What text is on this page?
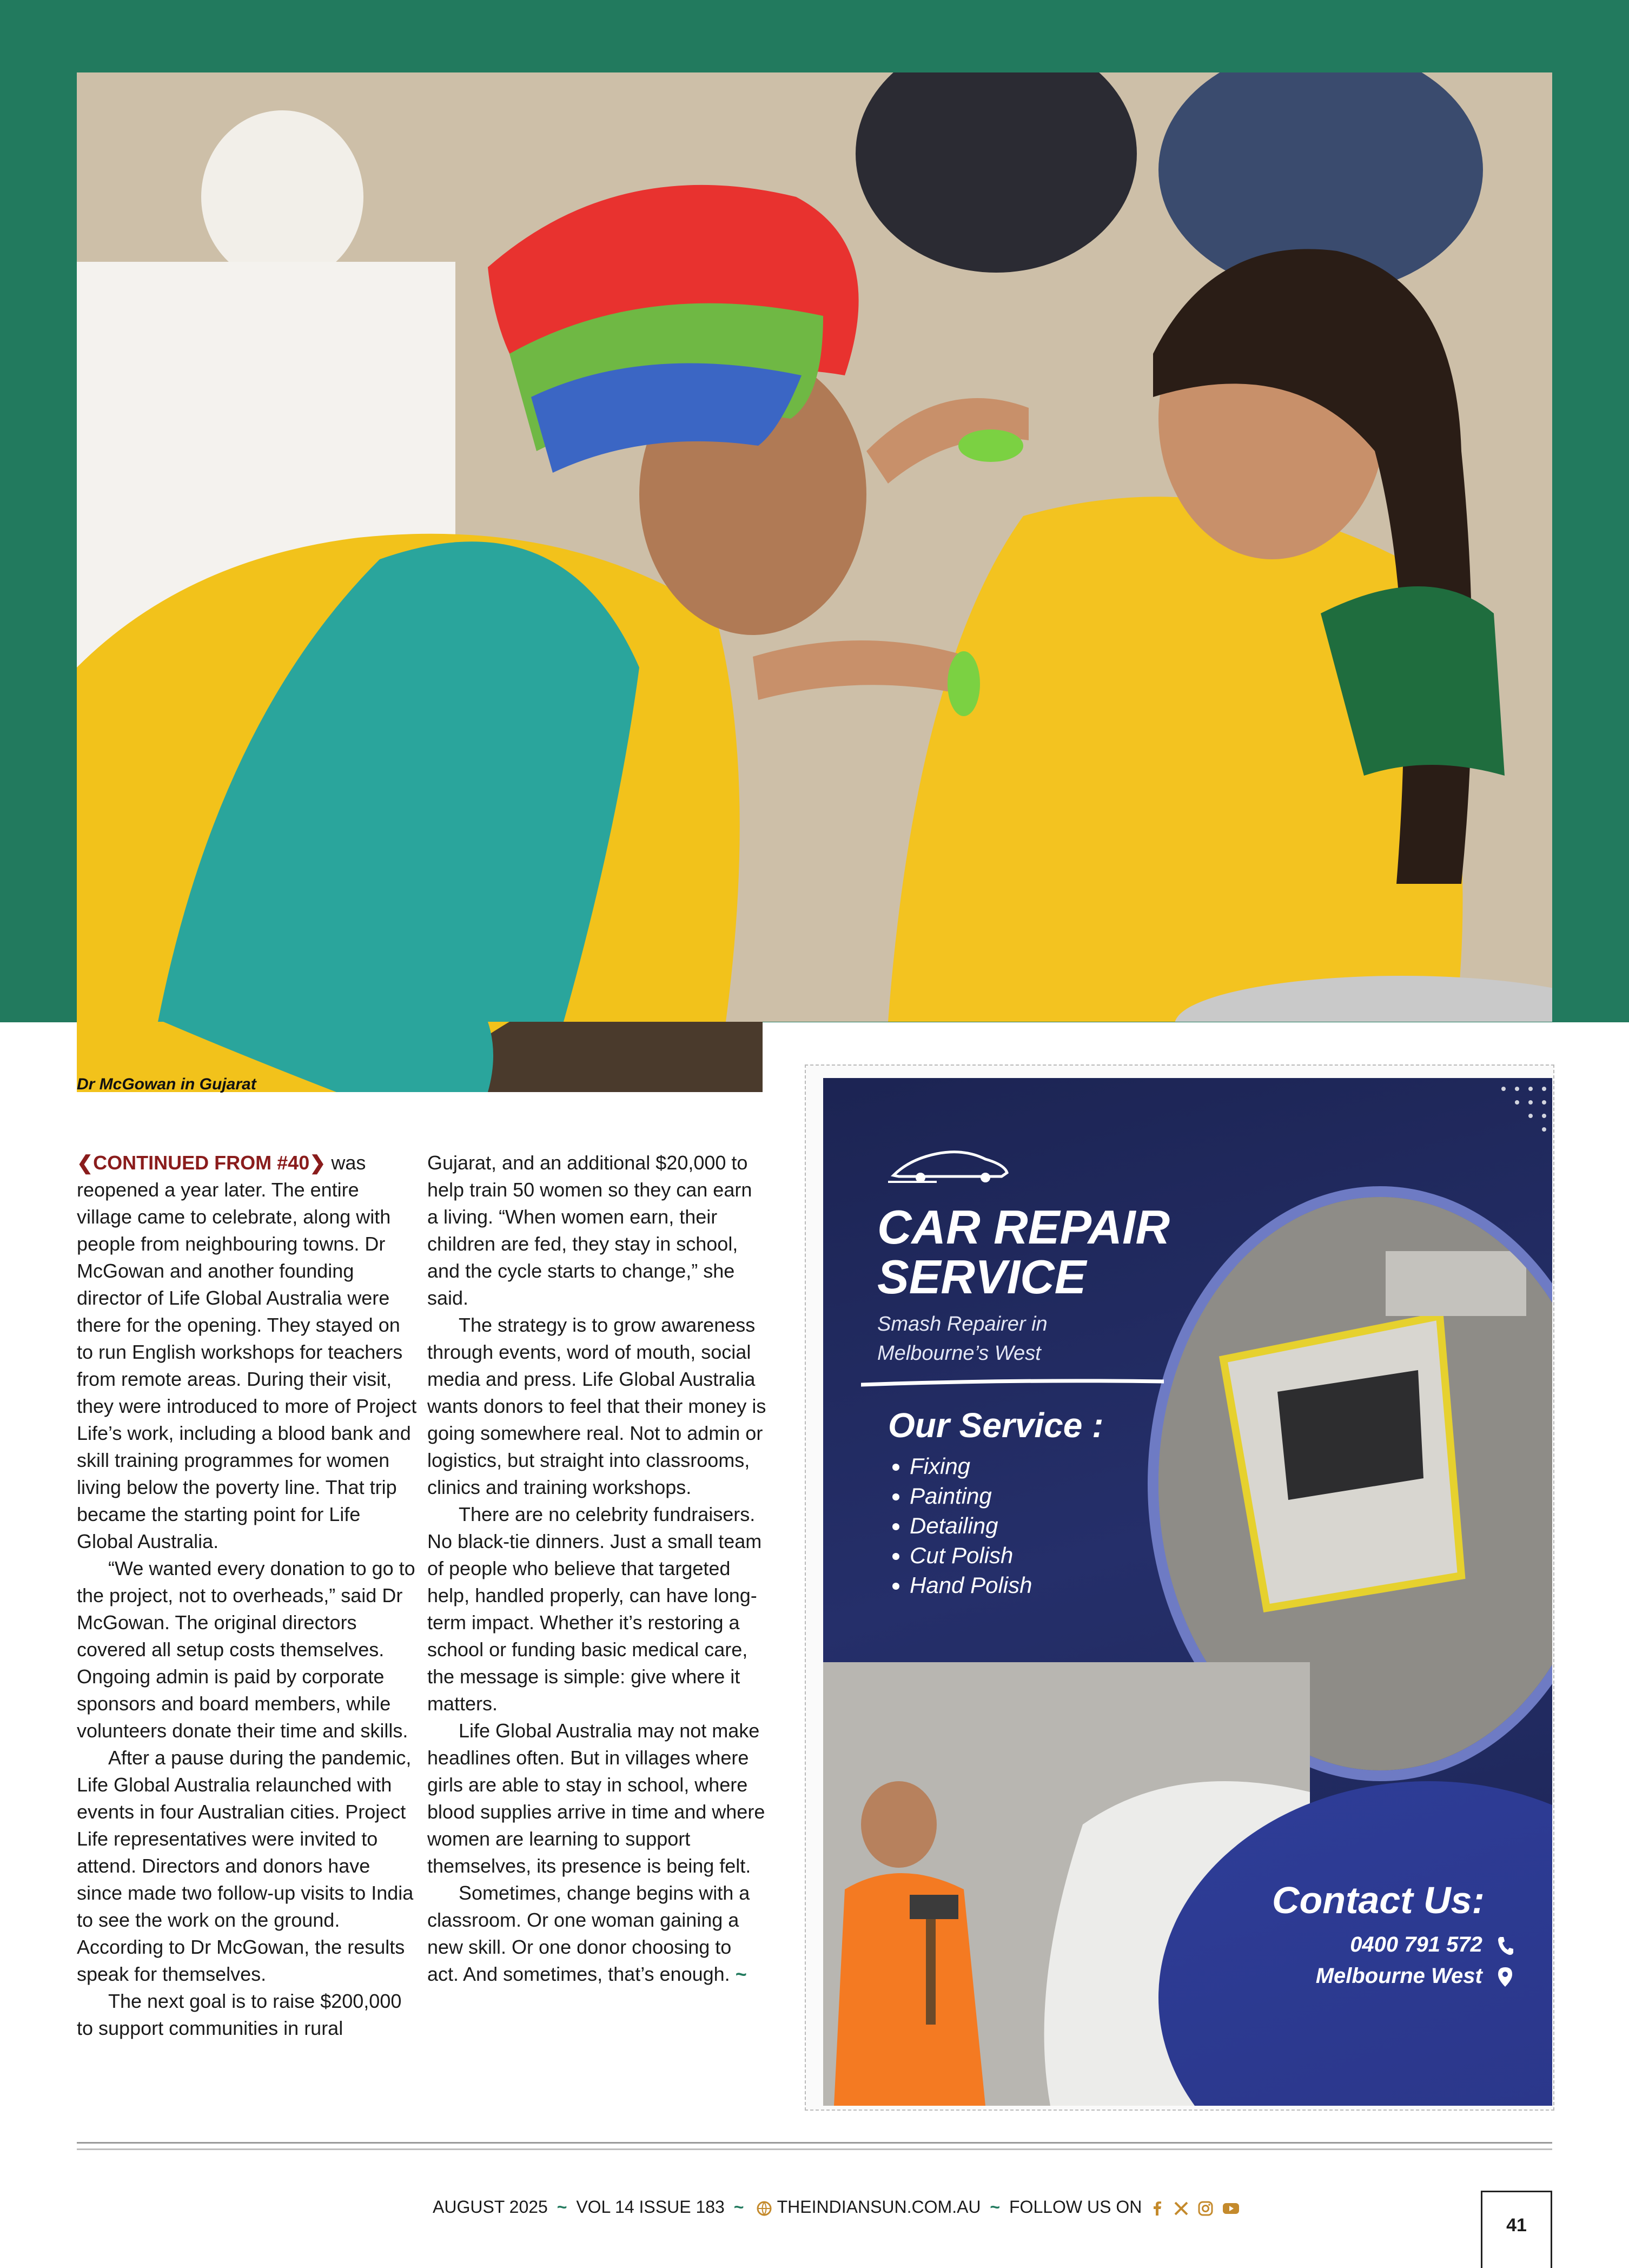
Dr McGowan in Gujarat

❮CONTINUED FROM #40❯ was reopened a year later. The entire village came to celebrate, along with people from neighbouring towns. Dr McGowan and another founding director of Life Global Australia were there for the opening. They stayed on to run English workshops for teachers from remote areas. During their visit, they were introduced to more of Project Life’s work, including a blood bank and skill training programmes for women living below the poverty line. That trip became the starting point for Life Global Australia.

“We wanted every donation to go to the project, not to overheads,” said Dr McGowan. The original directors covered all setup costs themselves. Ongoing admin is paid by corporate sponsors and board members, while volunteers donate their time and skills.

After a pause during the pandemic, Life Global Australia relaunched with events in four Australian cities. Project Life representatives were invited to attend. Directors and donors have since made two follow-up visits to India to see the work on the ground. According to Dr McGowan, the results speak for themselves.

The next goal is to raise $200,000 to support communities in rural

Gujarat, and an additional $20,000 to help train 50 women so they can earn a living. “When women earn, their children are fed, they stay in school, and the cycle starts to change,” she said.

The strategy is to grow awareness through events, word of mouth, social media and press. Life Global Australia wants donors to feel that their money is going somewhere real. Not to admin or logistics, but straight into classrooms, clinics and training workshops.

There are no celebrity fundraisers. No black-tie dinners. Just a small team of people who believe that targeted help, handled properly, can have long-term impact. Whether it’s restoring a school or funding basic medical care, the message is simple: give where it matters.

Life Global Australia may not make headlines often. But in villages where girls are able to stay in school, where blood supplies arrive in time and where women are learning to support themselves, its presence is being felt.

Sometimes, change begins with a classroom. Or one woman gaining a new skill. Or one donor choosing to act. And sometimes, that’s enough. ~

CAR REPAIR
SERVICE
Smash Repairer in
Melbourne’s West
Our Service :
• Fixing
• Painting
• Detailing
• Cut Polish
• Hand Polish
Contact Us:
0400 791 572
Melbourne West
AUGUST 2025 ~ VOL 14 ISSUE 183 ~ THEINDIANSUN.COM.AU ~ FOLLOW US ON
41
